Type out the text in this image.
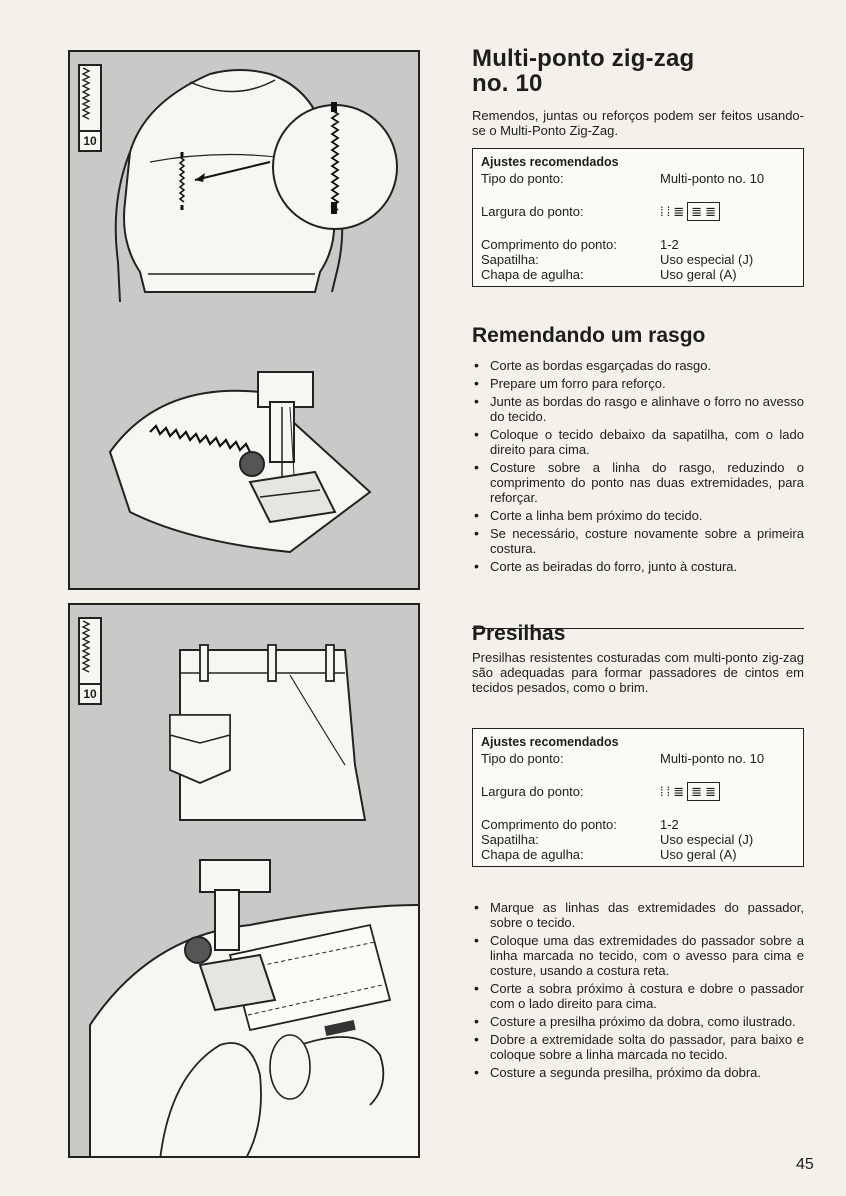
10
10
Multi-ponto zig-zag
no. 10

Remendos, juntas ou reforços podem ser feitos usando-se o Multi-Ponto Zig-Zag.

Ajustes recomendados
Tipo do ponto:	Multi-ponto no. 10
Largura do ponto:	⁞ ⁞ ≣ ≣ ≣
Comprimento do ponto:	1-2
Sapatilha:	Uso especial (J)
Chapa de agulha:	Uso geral (A)
Remendando um rasgo
• Corte as bordas esgarçadas do rasgo.
• Prepare um forro para reforço.
• Junte as bordas do rasgo e alinhave o forro no avesso do tecido.
• Coloque o tecido debaixo da sapatilha, com o lado direito para cima.
• Costure sobre a linha do rasgo, reduzindo o comprimento do ponto nas duas extremidades, para reforçar.
• Corte a linha bem próximo do tecido.
• Se necessário, costure novamente sobre a primeira costura.
• Corte as beiradas do forro, junto à costura.
Presilhas

Presilhas resistentes costuradas com multi-ponto zig-zag são adequadas para formar passadores de cintos em tecidos pesados, como o brim.

Ajustes recomendados
Tipo do ponto:	Multi-ponto no. 10
Largura do ponto:	⁞ ⁞ ≣ ≣ ≣
Comprimento do ponto:	1-2
Sapatilha:	Uso especial (J)
Chapa de agulha:	Uso geral (A)
• Marque as linhas das extremidades do passador, sobre o tecido.
• Coloque uma das extremidades do passador sobre a linha marcada no tecido, com o avesso para cima e costure, usando a costura reta.
• Corte a sobra próximo à costura e dobre o passador com o lado direito para cima.
• Costure a presilha próximo da dobra, como ilustrado.
• Dobre a extremidade solta do passador, para baixo e coloque sobre a linha marcada no tecido.
• Costure a segunda presilha, próximo da dobra.
45
